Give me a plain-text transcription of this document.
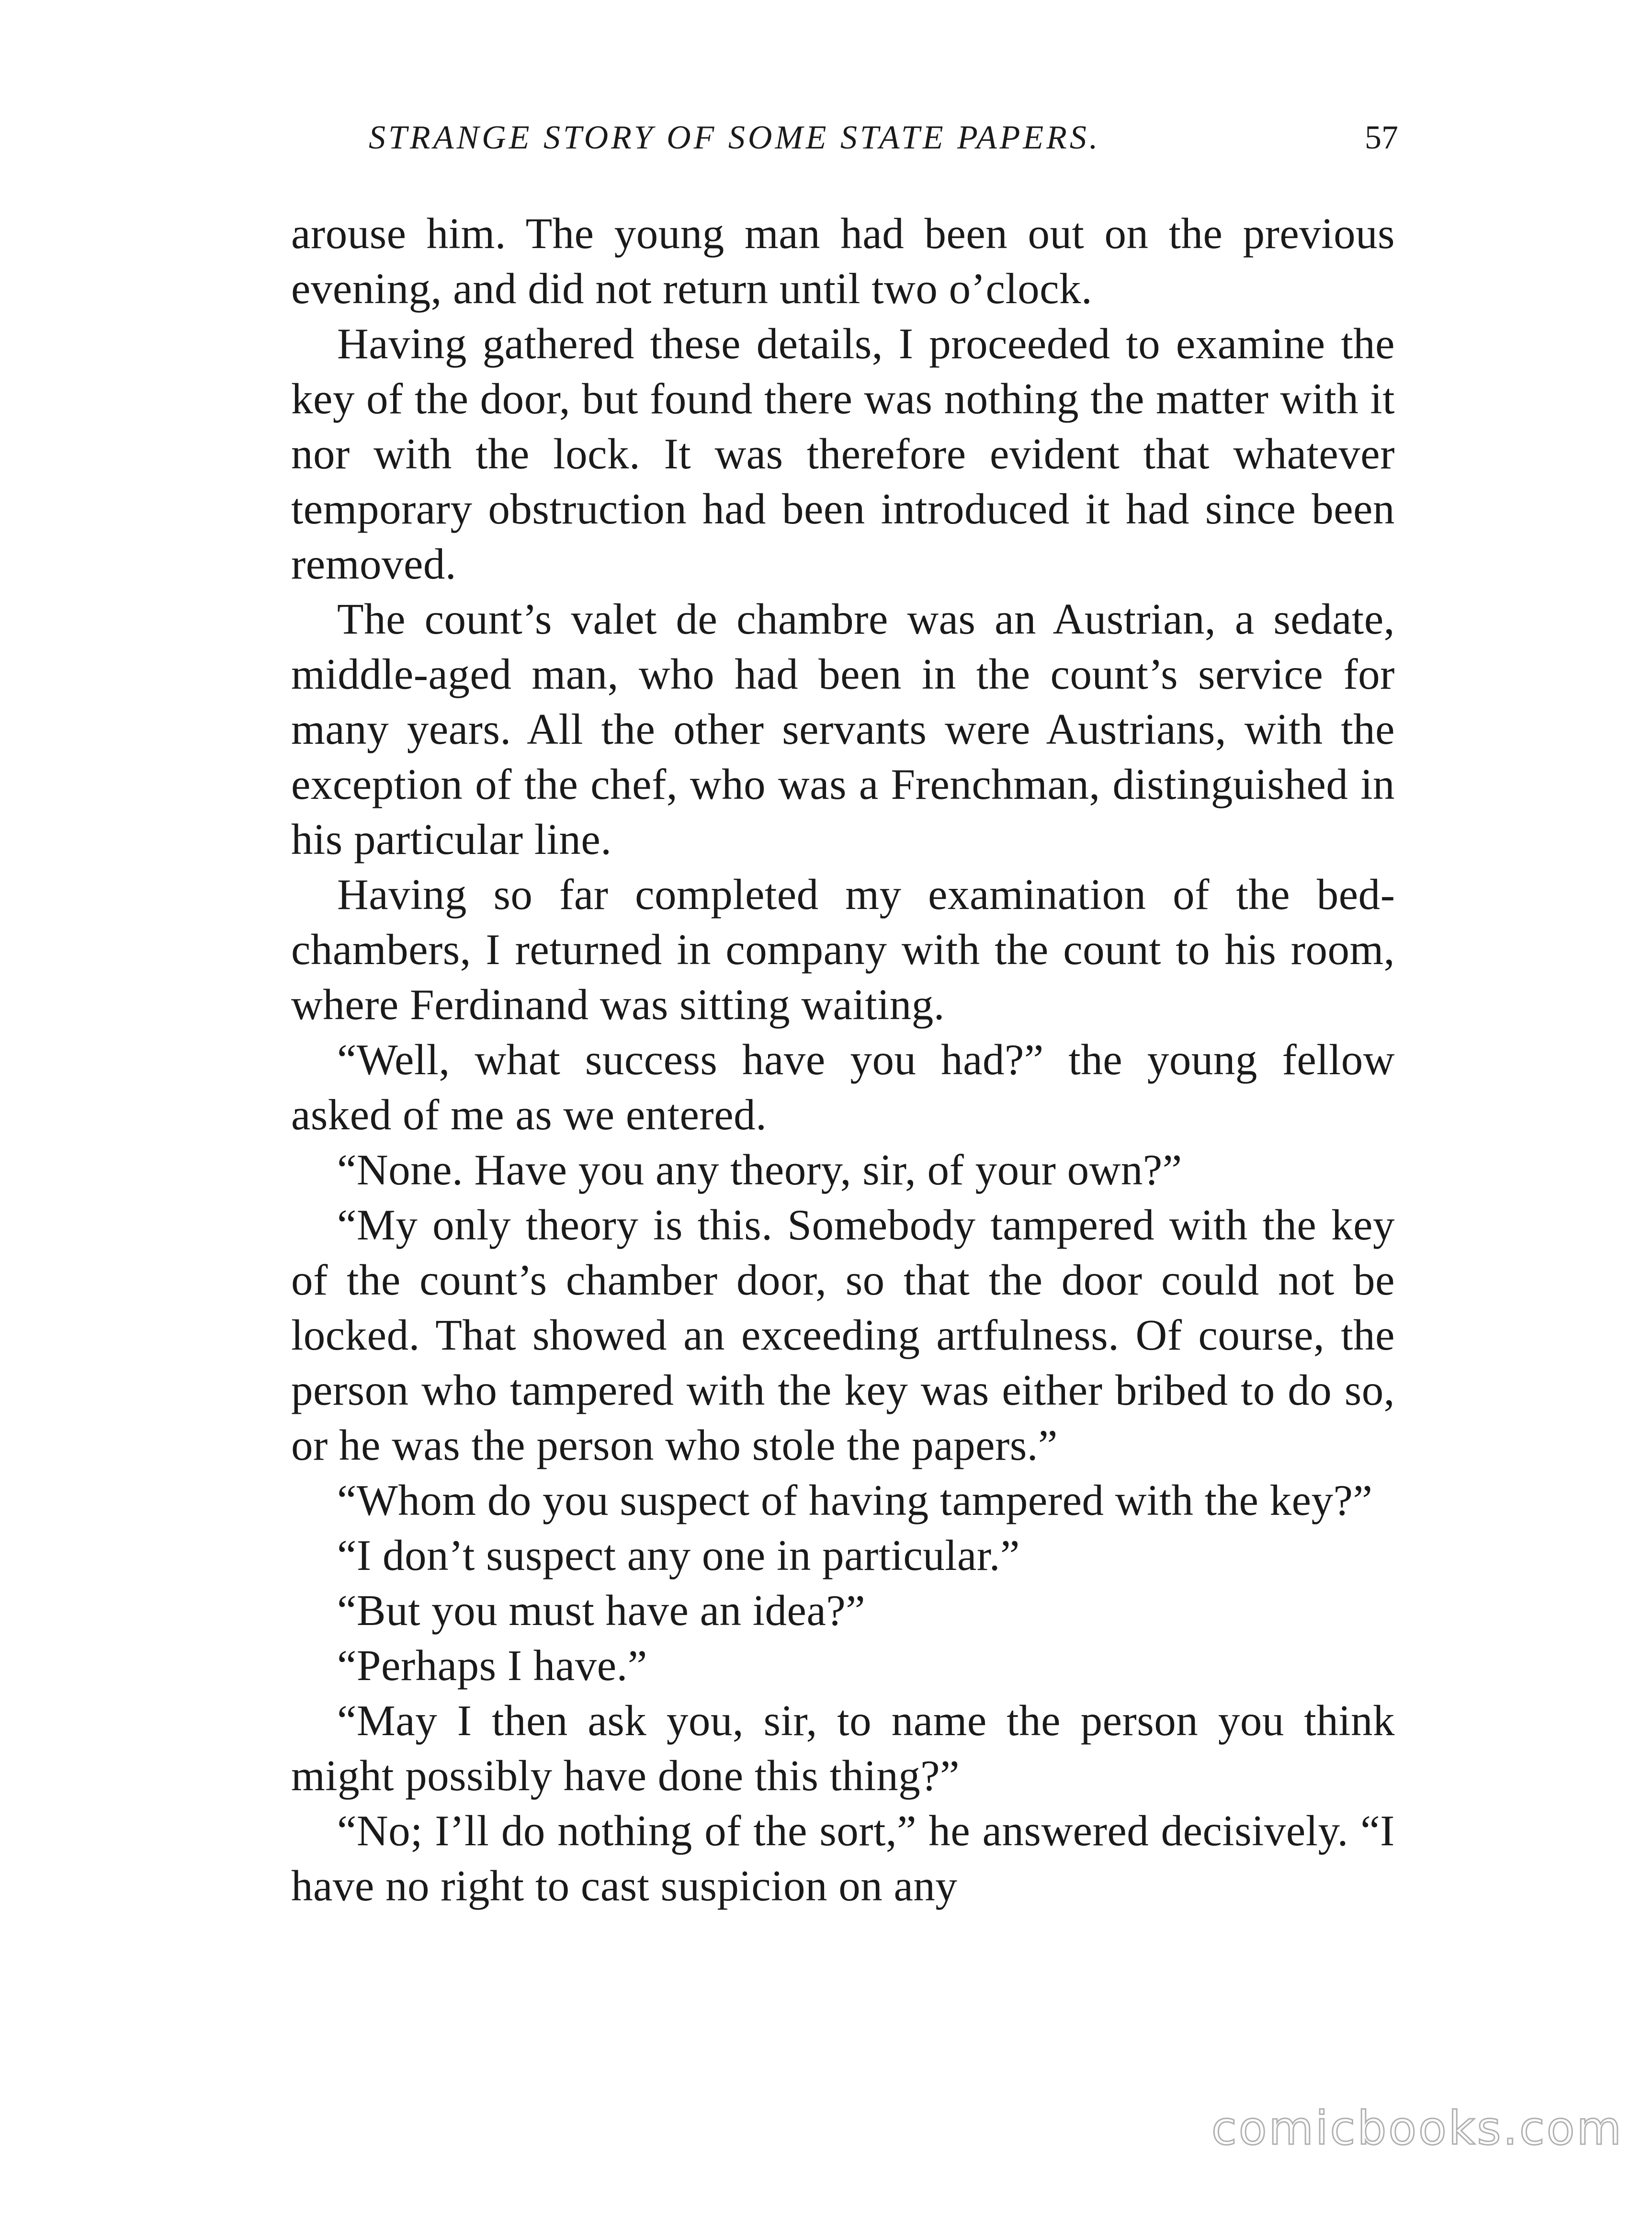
STRANGE STORY OF SOME STATE PAPERS.	57

arouse him. The young man had been out on the previous evening, and did not return until two o’clock.

Having gathered these details, I proceeded to examine the key of the door, but found there was nothing the matter with it nor with the lock. It was therefore evident that whatever temporary obstruction had been introduced it had since been removed.

The count’s valet de chambre was an Austrian, a sedate, middle-aged man, who had been in the count’s service for many years. All the other servants were Austrians, with the exception of the chef, who was a Frenchman, distinguished in his particular line.

Having so far completed my examination of the bedchambers, I returned in company with the count to his room, where Ferdinand was sitting waiting.

“Well, what success have you had?” the young fellow asked of me as we entered.

“None. Have you any theory, sir, of your own?”

“My only theory is this. Somebody tampered with the key of the count’s chamber door, so that the door could not be locked. That showed an exceeding artfulness. Of course, the person who tampered with the key was either bribed to do so, or he was the person who stole the papers.”

“Whom do you suspect of having tampered with the key?”

“I don’t suspect any one in particular.”

“But you must have an idea?”

“Perhaps I have.”

“May I then ask you, sir, to name the person you think might possibly have done this thing?”

“No; I’ll do nothing of the sort,” he answered decisively. “I have no right to cast suspicion on any

comicbooks.com
